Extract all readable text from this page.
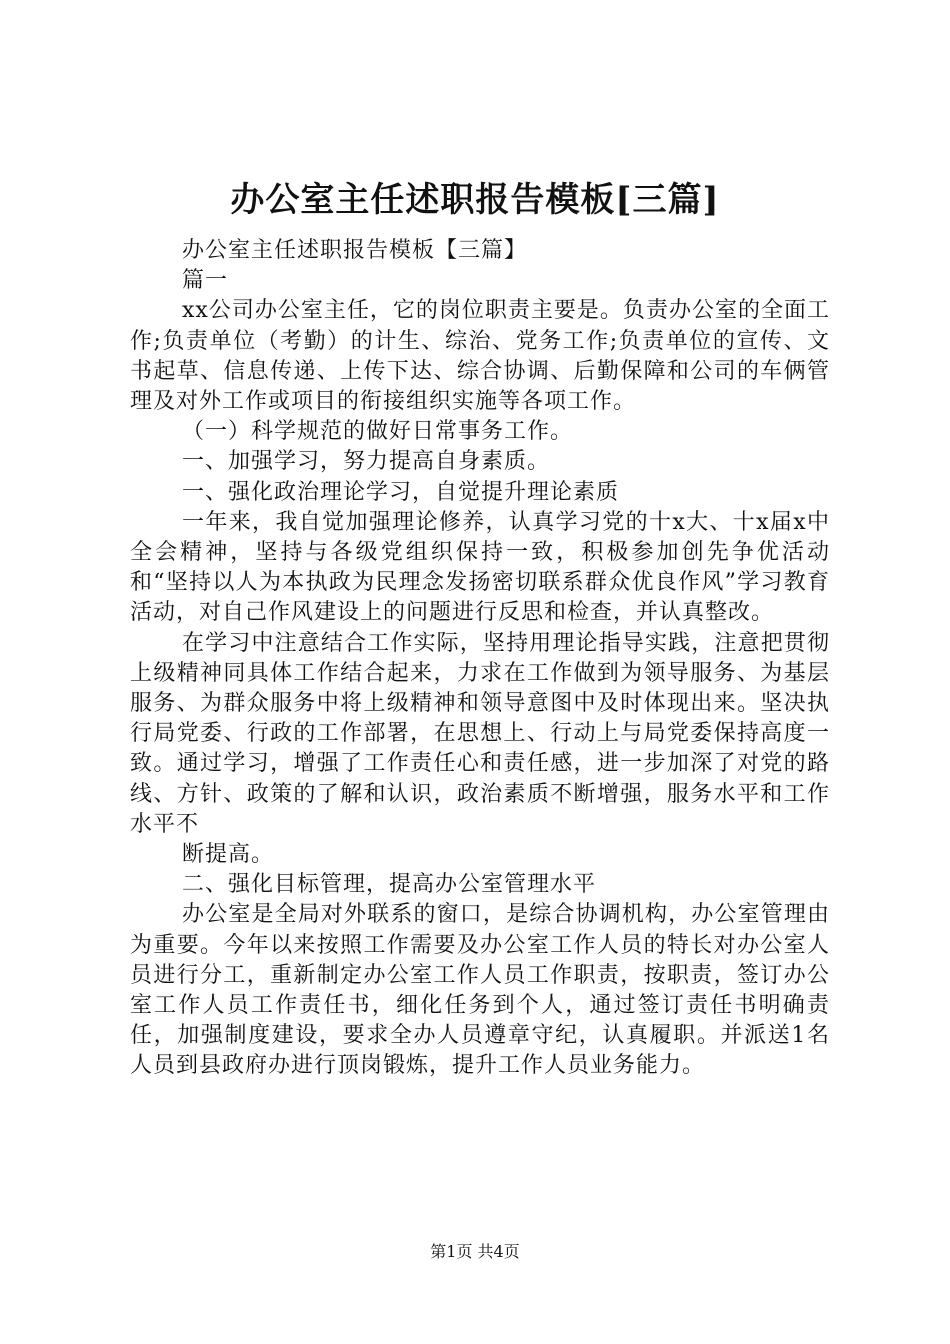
办公室主任述职报告模板[三篇]

办公室主任述职报告模板【三篇】

篇一

xx公司办公室主任，它的岗位职责主要是。负责办公室的全面工作;负责单位（考勤）的计生、综治、党务工作;负责单位的宣传、文书起草、信息传递、上传下达、综合协调、后勤保障和公司的车俩管理及对外工作或项目的衔接组织实施等各项工作。

（一）科学规范的做好日常事务工作。

一、加强学习，努力提高自身素质。

一、强化政治理论学习，自觉提升理论素质

一年来，我自觉加强理论修养，认真学习党的十x大、十x届x中全会精神，坚持与各级党组织保持一致，积极参加创先争优活动和“坚持以人为本执政为民理念发扬密切联系群众优良作风”学习教育活动，对自己作风建设上的问题进行反思和检查，并认真整改。

在学习中注意结合工作实际，坚持用理论指导实践，注意把贯彻上级精神同具体工作结合起来，力求在工作做到为领导服务、为基层服务、为群众服务中将上级精神和领导意图中及时体现出来。坚决执行局党委、行政的工作部署，在思想上、行动上与局党委保持高度一致。通过学习，增强了工作责任心和责任感，进一步加深了对党的路线、方针、政策的了解和认识，政治素质不断增强，服务水平和工作水平不

断提高。

二、强化目标管理，提高办公室管理水平

办公室是全局对外联系的窗口，是综合协调机构，办公室管理由为重要。今年以来按照工作需要及办公室工作人员的特长对办公室人员进行分工，重新制定办公室工作人员工作职责，按职责，签订办公室工作人员工作责任书，细化任务到个人，通过签订责任书明确责任，加强制度建设，要求全办人员遵章守纪，认真履职。并派送1名人员到县政府办进行顶岗锻炼，提升工作人员业务能力。

第1页 共4页
